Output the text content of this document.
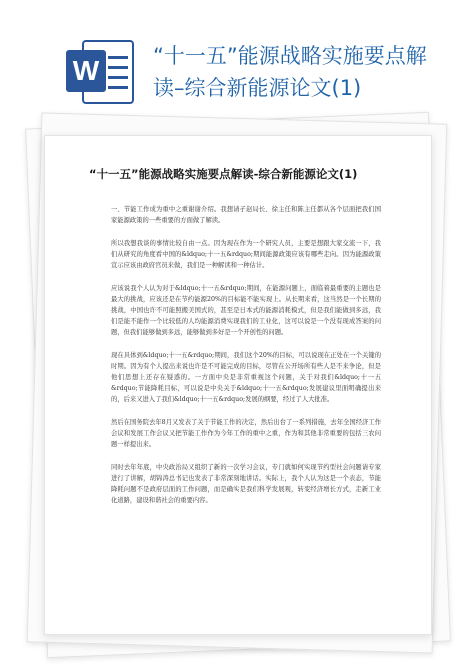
W	“十一五”能源战略实施要点解读–综合新能源论文(1)
“十一五”能源战略实施要点解读-综合新能源论文(1)

一、节能工作成为重中之重谢谢介绍。我想请孑赵局长、徐主任和陈主任都从各个层面把我们国家能源政策的一些重要的方面做了解读。

所以我想我谈的事情比较自由一点。因为现在作为一个研究人员，主要是想跟大家交流一下，我们从研究的角度看中国的&ldquo;十一五&rdquo;期间能源政策应该有哪些走向。因为能源政策宣示应该由政府官员来做，我们是一种解读和一种估计。

应该说我个人认为对于&ldquo;十一五&rdquo;期间，在能源问题上，面临着最重要的主题也是最大的挑战，应该还是在节约能源20%的目标能不能实现上。从长期来看，这当然是一个长期的挑战，中国也许不可能照搬美国式的，甚至是日本式的能源消耗模式，但是我们能做到多远，我们是能不能作一个比较低的人均能源消费实现我们的工业化，这可以说是一个没有现成答案的问题，但我们能够做到多远，能够做到多好是一个开创性的问题。

现在具体到&ldquo;十一五&rdquo;期间，我们这个20%的目标，可以说现在正处在一个关键的时期。因为有个人提出来说也许是不可能完成的目标，尽管在公开场所有些人是不来争论，但是他们思想上还存在疑惑的。一方面中央是非常重视这个问题，关于对我们&ldquo;十一五&rdquo;节能降耗目标，可以说是中央关于&ldquo;十一五&rdquo;发展建议里面明确提出来的，后来又进入了我们&ldquo;十一五&rdquo;发展的纲要，经过了人大批准。

然后在国务院去年8月又发表了关于节能工作的决定，然后出台了一系列措施，去年全国经济工作会议和发展工作会议又把节能工作作为今年工作的重中之重，作为和其他非常重要的包括三农问题一样提出来。

同时去年年底，中央政治局又组织了新的一次学习会议，专门就如何实现节约型社会问题请专家进行了讲解，胡锦涛总书记也发表了非常深刻地讲话。实际上，我个人认为这是一个表态，节能降耗问题不是政府层面的工作问题，而是确实是我们科学发展观，转变经济增长方式，走新工业化道路，建设和谐社会的重要内容。
